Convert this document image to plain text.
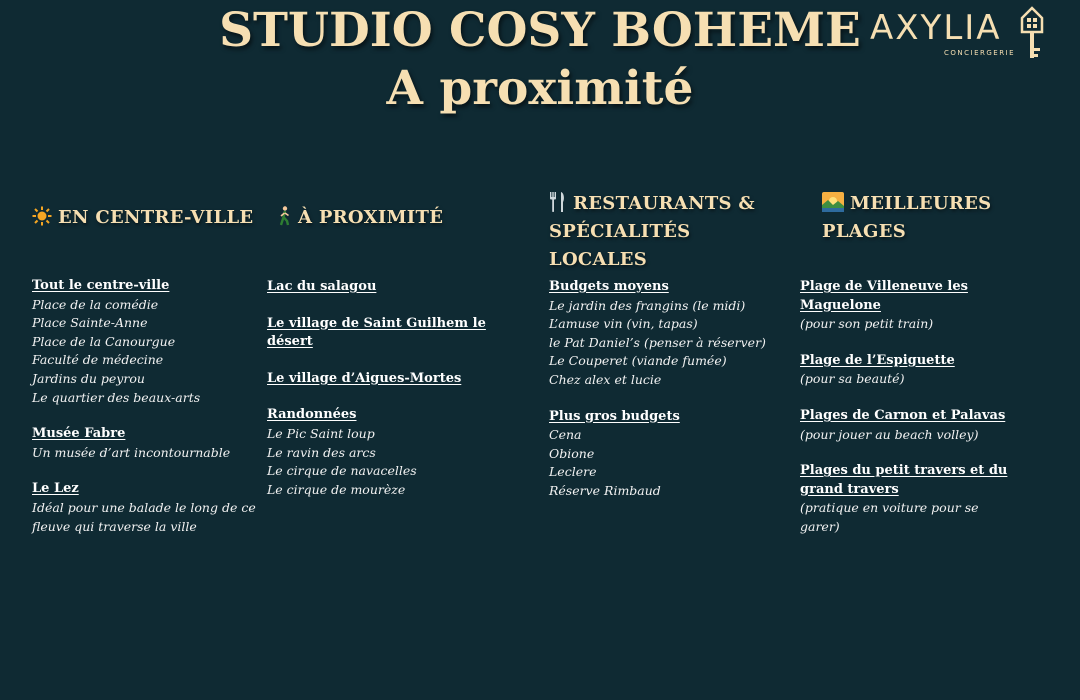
STUDIO COSY BOHEME
A proximité
AXYLIA
CONCIERGERIE
EN CENTRE-VILLE
Tout le centre-ville
Place de la comédie
Place Sainte-Anne
Place de la Canourgue
Faculté de médecine
Jardins du peyrou
Le quartier des beaux-arts
Musée Fabre
Un musée d’art incontournable
Le Lez
Idéal pour une balade le long de ce
fleuve qui traverse la ville
À PROXIMITÉ
Lac du salagou
Le village de Saint Guilhem le désert
Le village d’Aigues-Mortes
Randonnées
Le Pic Saint loup
Le ravin des arcs
Le cirque de navacelles
Le cirque de mourèze
RESTAURANTS & SPÉCIALITÉS LOCALES
Budgets moyens
Le jardin des frangins (le midi)
L’amuse vin (vin, tapas)
le Pat Daniel’s (penser à réserver)
Le Couperet (viande fumée)
Chez alex et lucie
Plus gros budgets
Cena
Obione
Leclere
Réserve Rimbaud
MEILLEURES PLAGES
Plage de Villeneuve les Maguelone
(pour son petit train)
Plage de l’Espiguette
(pour sa beauté)
Plages de Carnon et Palavas
(pour jouer au beach volley)
Plages du petit travers et du grand travers
(pratique en voiture pour se garer)
